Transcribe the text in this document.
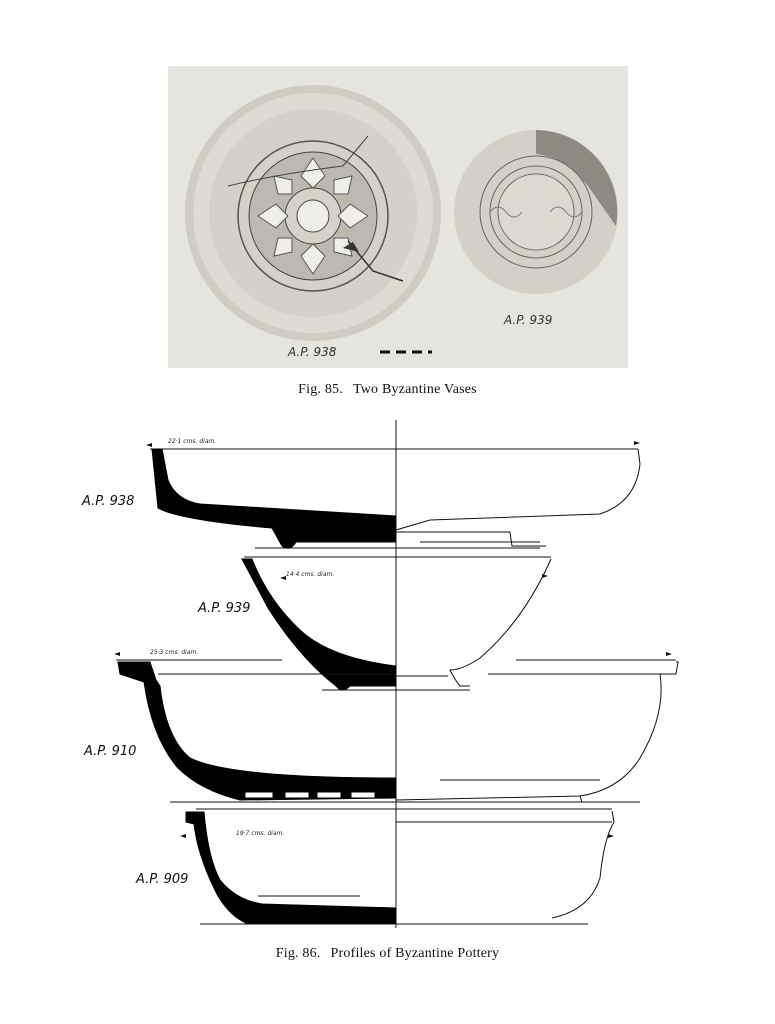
A.P. 938
A.P. 939
Fig. 85. Two Byzantine Vases
A.P. 938
A.P. 939
A.P. 910
A.P. 909
22·1 cms. diam.
14·4 cms. diam.
25·3 cms. diam.
19·7 cms. diam.
Fig. 86. Profiles of Byzantine Pottery
